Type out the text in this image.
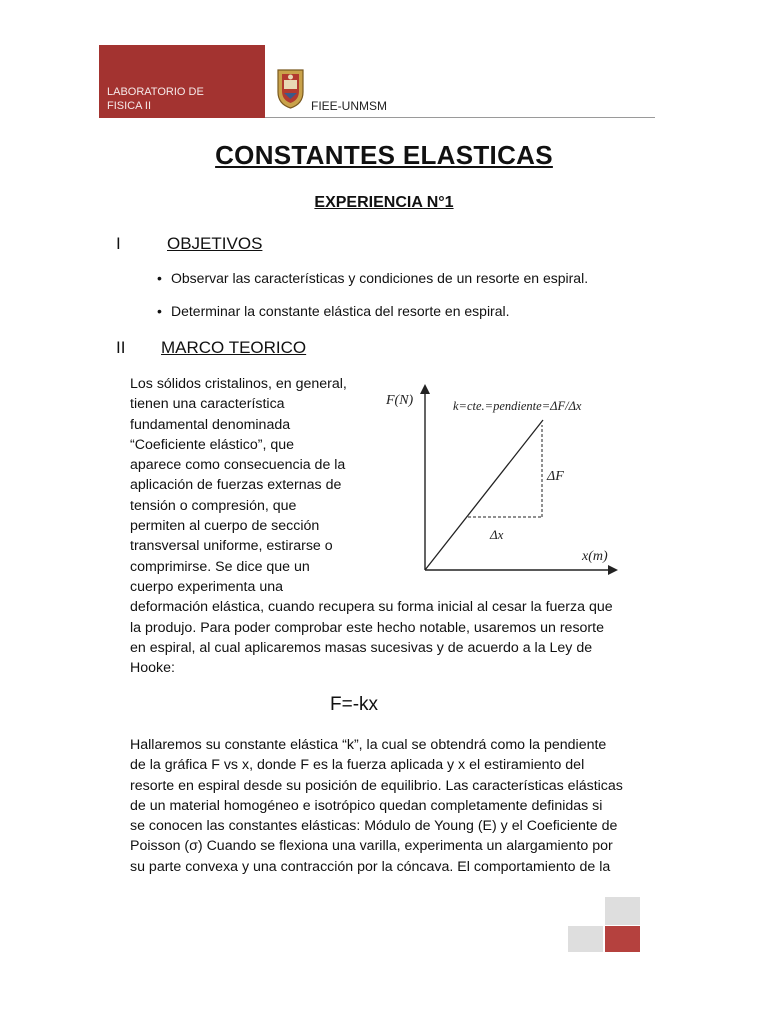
LABORATORIO DE
FISICA II	FIEE-UNMSM
CONSTANTES ELASTICAS
EXPERIENCIA N°1
I	OBJETIVOS
• Observar las características y condiciones de un resorte en espiral.
• Determinar la constante elástica del resorte en espiral.
II MARCO TEORICO
Los sólidos cristalinos, en general,
tienen una característica
fundamental denominada
“Coeficiente elástico”, que
aparece como consecuencia de la
aplicación de fuerzas externas de
tensión o compresión, que
permiten al cuerpo de sección
transversal uniforme, estirarse o
comprimirse. Se dice que un
cuerpo experimenta una
deformación elástica, cuando recupera su forma inicial al cesar la fuerza que
la produjo. Para poder comprobar este hecho notable, usaremos un resorte
en espiral, al cual aplicaremos masas sucesivas y de acuerdo a la Ley de
Hooke:
F(N)
x(m)
k=cte.=pendiente=ΔF/Δx
ΔF
Δx
F=-kx
Hallaremos su constante elástica “k”, la cual se obtendrá como la pendiente
de la gráfica F vs x, donde F es la fuerza aplicada y x el estiramiento del
resorte en espiral desde su posición de equilibrio. Las características elásticas
de un material homogéneo e isotrópico quedan completamente definidas si
se conocen las constantes elásticas: Módulo de Young (E) y el Coeficiente de
Poisson (σ) Cuando se flexiona una varilla, experimenta un alargamiento por
su parte convexa y una contracción por la cóncava. El comportamiento de la
